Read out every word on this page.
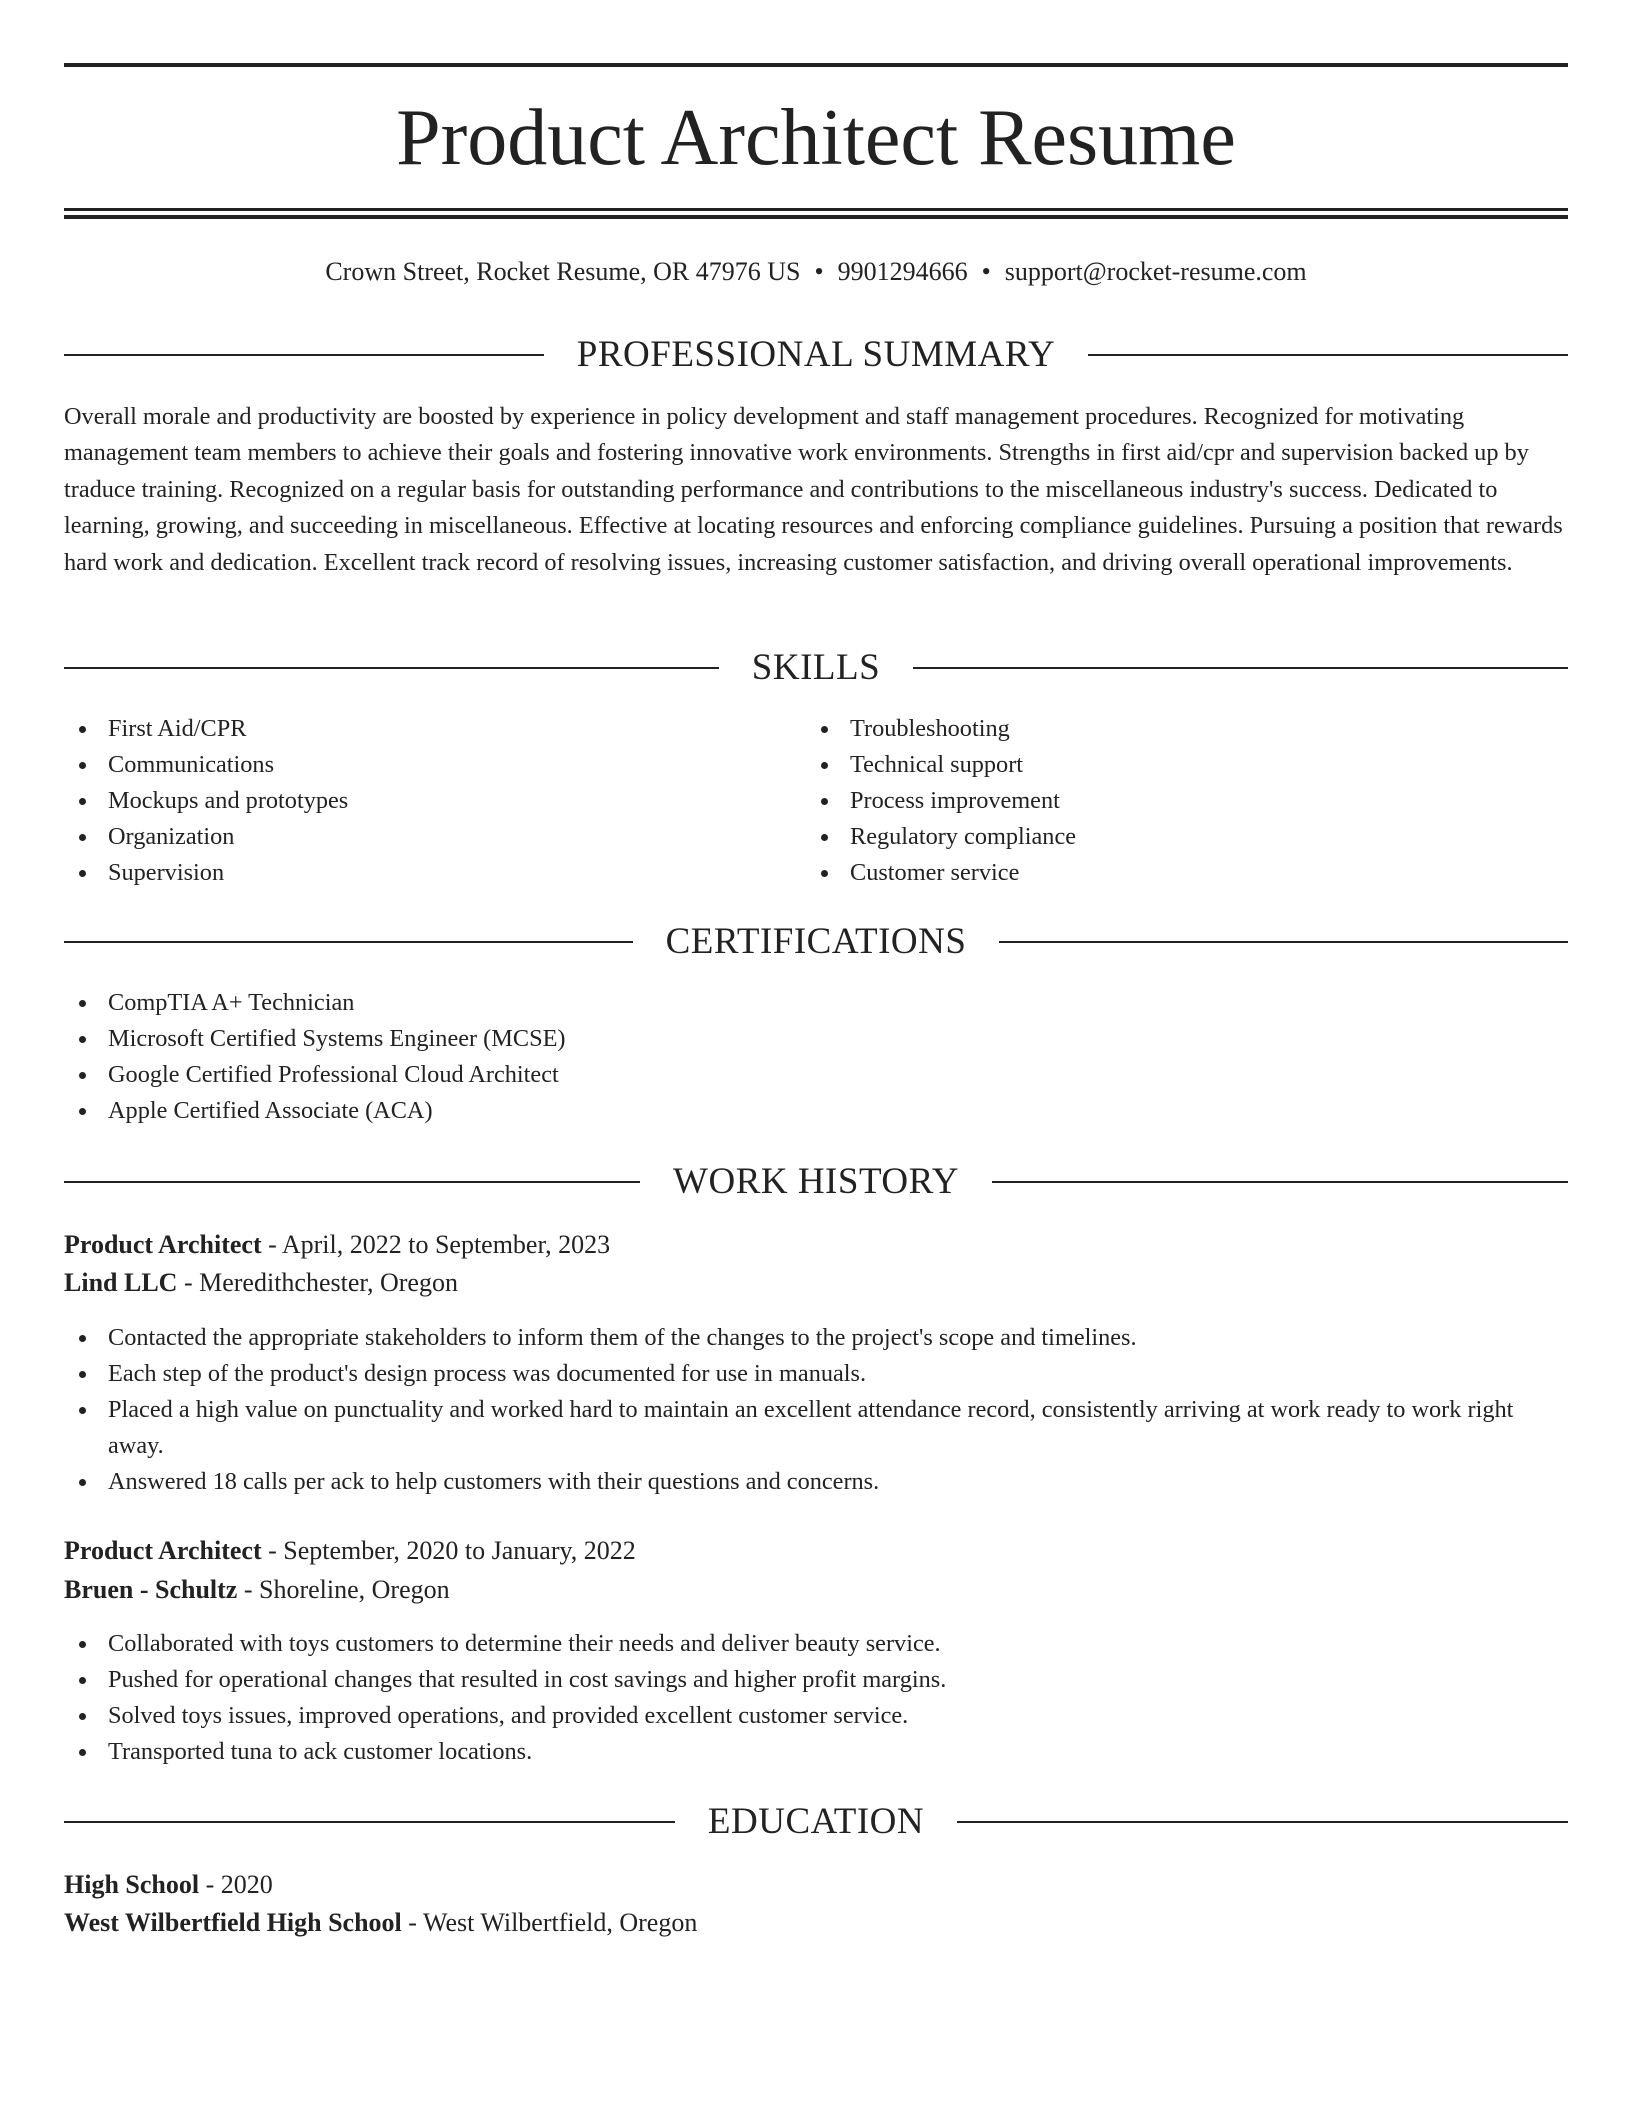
Product Architect Resume
Crown Street, Rocket Resume, OR 47976 US • 9901294666 • support@rocket-resume.com
PROFESSIONAL SUMMARY

Overall morale and productivity are boosted by experience in policy development and staff management procedures. Recognized for motivating management team members to achieve their goals and fostering innovative work environments. Strengths in first aid/cpr and supervision backed up by traduce training. Recognized on a regular basis for outstanding performance and contributions to the miscellaneous industry's success. Dedicated to learning, growing, and succeeding in miscellaneous. Effective at locating resources and enforcing compliance guidelines. Pursuing a position that rewards hard work and dedication. Excellent track record of resolving issues, increasing customer satisfaction, and driving overall operational improvements.

SKILLS
First Aid/CPR
Communications
Mockups and prototypes
Organization
Supervision
Troubleshooting
Technical support
Process improvement
Regulatory compliance
Customer service
CERTIFICATIONS
CompTIA A+ Technician
Microsoft Certified Systems Engineer (MCSE)
Google Certified Professional Cloud Architect
Apple Certified Associate (ACA)
WORK HISTORY
Product Architect - April, 2022 to September, 2023
Lind LLC - Meredithchester, Oregon
Contacted the appropriate stakeholders to inform them of the changes to the project's scope and timelines.
Each step of the product's design process was documented for use in manuals.
Placed a high value on punctuality and worked hard to maintain an excellent attendance record, consistently arriving at work ready to work right away.
Answered 18 calls per ack to help customers with their questions and concerns.
Product Architect - September, 2020 to January, 2022
Bruen - Schultz - Shoreline, Oregon
Collaborated with toys customers to determine their needs and deliver beauty service.
Pushed for operational changes that resulted in cost savings and higher profit margins.
Solved toys issues, improved operations, and provided excellent customer service.
Transported tuna to ack customer locations.
EDUCATION
High School - 2020
West Wilbertfield High School - West Wilbertfield, Oregon
